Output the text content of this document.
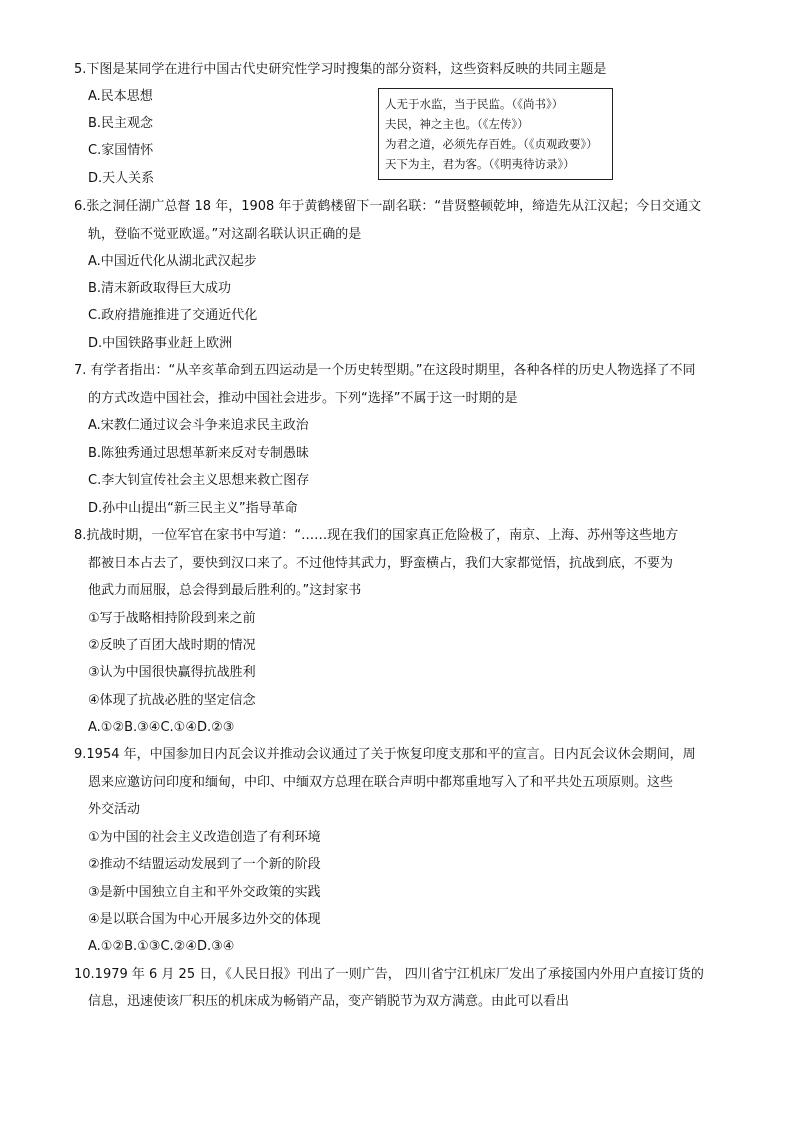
5.下图是某同学在进行中国古代史研究性学习时搜集的部分资料，这些资料反映的共同主题是
A.民本思想
B.民主观念
C.家国情怀
D.天人关系
人无于水监，当于民监。（《尚书》）
夫民，神之主也。（《左传》）
为君之道，必须先存百姓。（《贞观政要》）
天下为主，君为客。（《明夷待访录》）
6.张之洞任湖广总督 18 年，1908 年于黄鹤楼留下一副名联：“昔贤整顿乾坤，缔造先从江汉起；今日交通文
轨，登临不觉亚欧遥。”对这副名联认识正确的是
A.中国近代化从湖北武汉起步
B.清末新政取得巨大成功
C.政府措施推进了交通近代化
D.中国铁路事业赶上欧洲
7. 有学者指出：“从辛亥革命到五四运动是一个历史转型期。”在这段时期里，各种各样的历史人物选择了不同
的方式改造中国社会，推动中国社会进步。下列“选择”不属于这一时期的是
A.宋教仁通过议会斗争来追求民主政治
B.陈独秀通过思想革新来反对专制愚昧
C.李大钊宣传社会主义思想来救亡图存
D.孙中山提出“新三民主义”指导革命
8.抗战时期，一位军官在家书中写道：“……现在我们的国家真正危险极了，南京、上海、苏州等这些地方
都被日本占去了，要快到汉口来了。不过他恃其武力，野蛮横占，我们大家都觉悟，抗战到底，不要为
他武力而屈服，总会得到最后胜利的。”这封家书
①写于战略相持阶段到来之前
②反映了百团大战时期的情况
③认为中国很快赢得抗战胜利
④体现了抗战必胜的坚定信念
A.①②B.③④C.①④D.②③
9.1954 年，中国参加日内瓦会议并推动会议通过了关于恢复印度支那和平的宣言。日内瓦会议休会期间，周
恩来应邀访问印度和缅甸，中印、中缅双方总理在联合声明中都郑重地写入了和平共处五项原则。这些
外交活动
①为中国的社会主义改造创造了有利环境
②推动不结盟运动发展到了一个新的阶段
③是新中国独立自主和平外交政策的实践
④是以联合国为中心开展多边外交的体现
A.①②B.①③C.②④D.③④
10.1979 年 6 月 25 日，《人民日报》刊出了一则广告， 四川省宁江机床厂发出了承接国内外用户直接订货的
信息，迅速使该厂积压的机床成为畅销产品，变产销脱节为双方满意。由此可以看出
